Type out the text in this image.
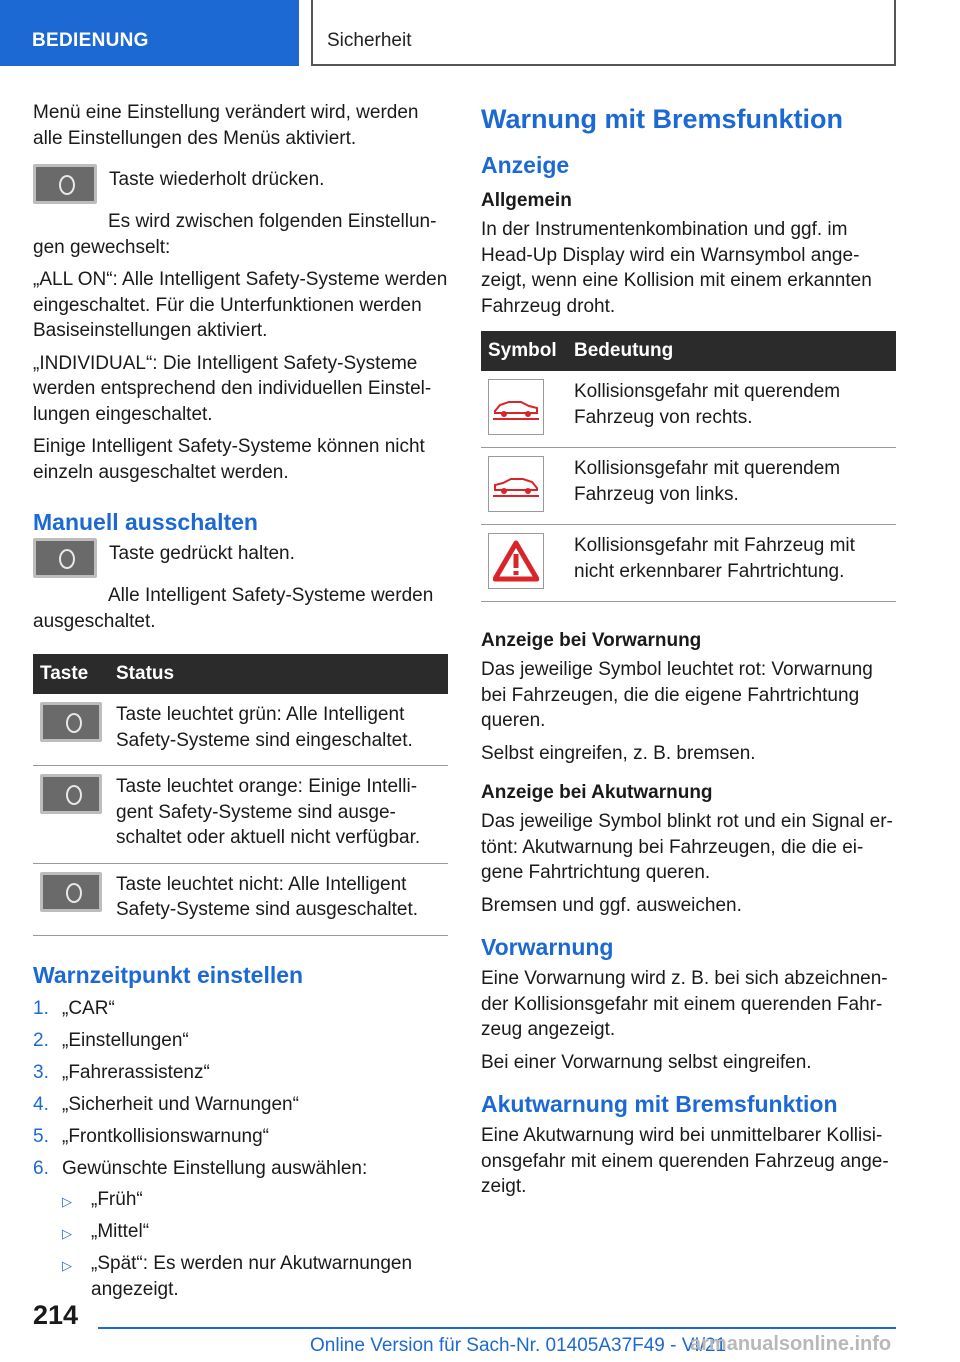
BEDIENUNG	Sicherheit

Menü eine Einstellung verändert wird, werden alle Einstellungen des Menüs aktiviert.

Taste wiederholt drücken.

Es wird zwischen folgenden Einstellungen gewechselt:

„ALL ON“: Alle Intelligent Safety-Systeme werden eingeschaltet. Für die Unterfunktionen werden Basiseinstellungen aktiviert.

„INDIVIDUAL“: Die Intelligent Safety-Systeme werden entsprechend den individuellen Einstellungen eingeschaltet.

Einige Intelligent Safety-Systeme können nicht einzeln ausgeschaltet werden.

Manuell ausschalten

Taste gedrückt halten.

Alle Intelligent Safety-Systeme werden ausgeschaltet.

Taste	Status
	Taste leuchtet grün: Alle Intelligent Safety-Systeme sind eingeschaltet.
	Taste leuchtet orange: Einige Intelligent Safety-Systeme sind ausgeschaltet oder aktuell nicht verfügbar.
	Taste leuchtet nicht: Alle Intelligent Safety-Systeme sind ausgeschaltet.
Warnzeitpunkt einstellen
1. „CAR“
2. „Einstellungen“
3. „Fahrerassistenz“
4. „Sicherheit und Warnungen“
5. „Frontkollisionswarnung“
6. Gewünschte Einstellung auswählen:
▷ „Früh“
▷ „Mittel“
▷ „Spät“: Es werden nur Akutwarnungen angezeigt.
Warnung mit Bremsfunktion
Anzeige
Allgemein

In der Instrumentenkombination und ggf. im Head-Up Display wird ein Warnsymbol angezeigt, wenn eine Kollision mit einem erkannten Fahrzeug droht.

Symbol	Bedeutung

	Kollisionsgefahr mit querendem Fahrzeug von rechts.

	Kollisionsgefahr mit querendem Fahrzeug von links.

	Kollisionsgefahr mit Fahrzeug mit nicht erkennbarer Fahrtrichtung.
Anzeige bei Vorwarnung

Das jeweilige Symbol leuchtet rot: Vorwarnung bei Fahrzeugen, die die eigene Fahrtrichtung queren.

Selbst eingreifen, z. B. bremsen.

Anzeige bei Akutwarnung

Das jeweilige Symbol blinkt rot und ein Signal ertönt: Akutwarnung bei Fahrzeugen, die die eigene Fahrtrichtung queren.

Bremsen und ggf. ausweichen.

Vorwarnung

Eine Vorwarnung wird z. B. bei sich abzeichnender Kollisionsgefahr mit einem querenden Fahrzeug angezeigt.

Bei einer Vorwarnung selbst eingreifen.

Akutwarnung mit Bremsfunktion

Eine Akutwarnung wird bei unmittelbarer Kollisionsgefahr mit einem querenden Fahrzeug angezeigt.

214
Online Version für Sach-Nr. 01405A37F49 - VI/21
armanualsonline.info
